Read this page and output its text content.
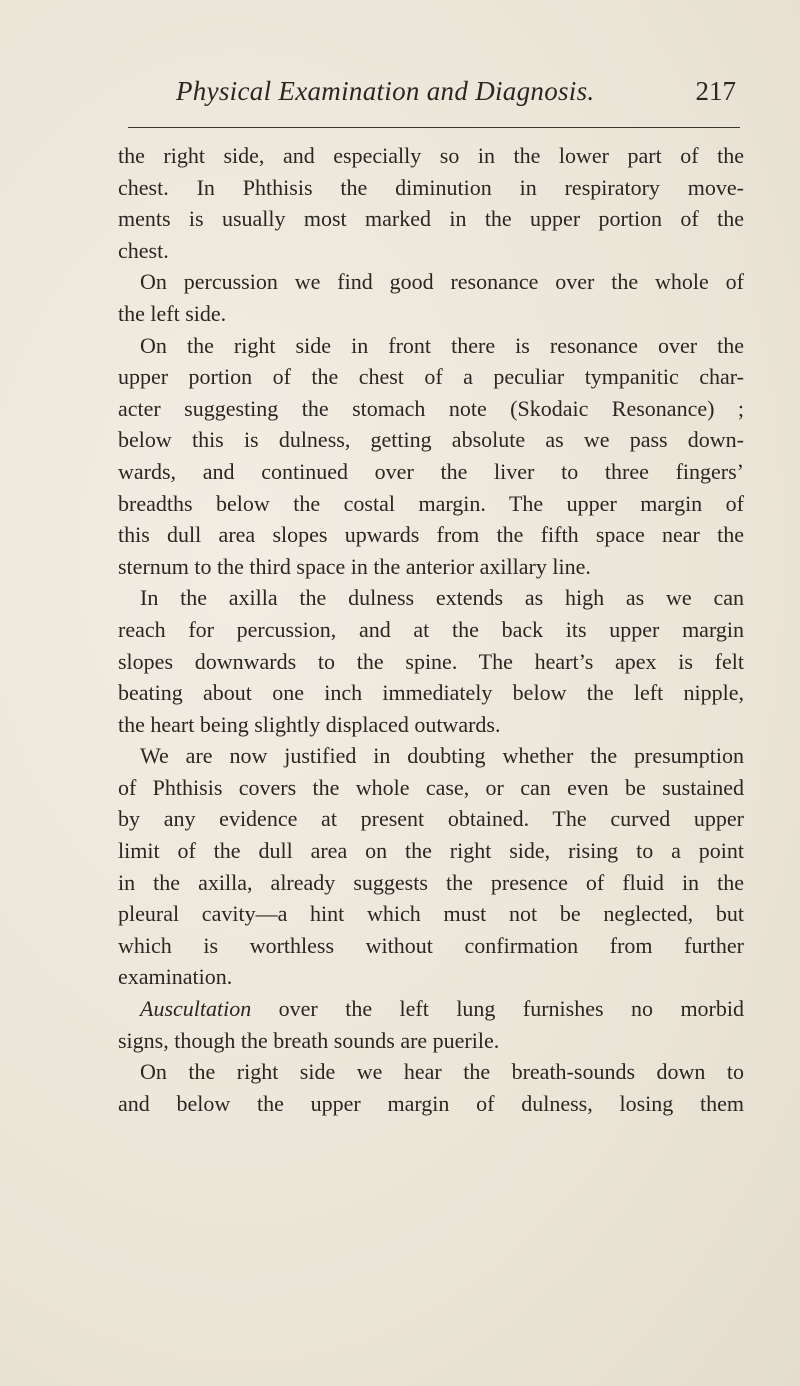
Physical Examination and Diagnosis.	217
the right side, and especially so in the lower part of the
chest. In Phthisis the diminution in respiratory move-
ments is usually most marked in the upper portion of the
chest.
On percussion we find good resonance over the whole of
the left side.
On the right side in front there is resonance over the
upper portion of the chest of a peculiar tympanitic char-
acter suggesting the stomach note (Skodaic Resonance) ;
below this is dulness, getting absolute as we pass down-
wards, and continued over the liver to three fingers’
breadths below the costal margin. The upper margin of
this dull area slopes upwards from the fifth space near the
sternum to the third space in the anterior axillary line.
In the axilla the dulness extends as high as we can
reach for percussion, and at the back its upper margin
slopes downwards to the spine. The heart’s apex is felt
beating about one inch immediately below the left nipple,
the heart being slightly displaced outwards.
We are now justified in doubting whether the presumption
of Phthisis covers the whole case, or can even be sustained
by any evidence at present obtained. The curved upper
limit of the dull area on the right side, rising to a point
in the axilla, already suggests the presence of fluid in the
pleural cavity—a hint which must not be neglected, but
which is worthless without confirmation from further
examination.
Auscultation over the left lung furnishes no morbid
signs, though the breath sounds are puerile.
On the right side we hear the breath-sounds down to
and below the upper margin of dulness, losing them
